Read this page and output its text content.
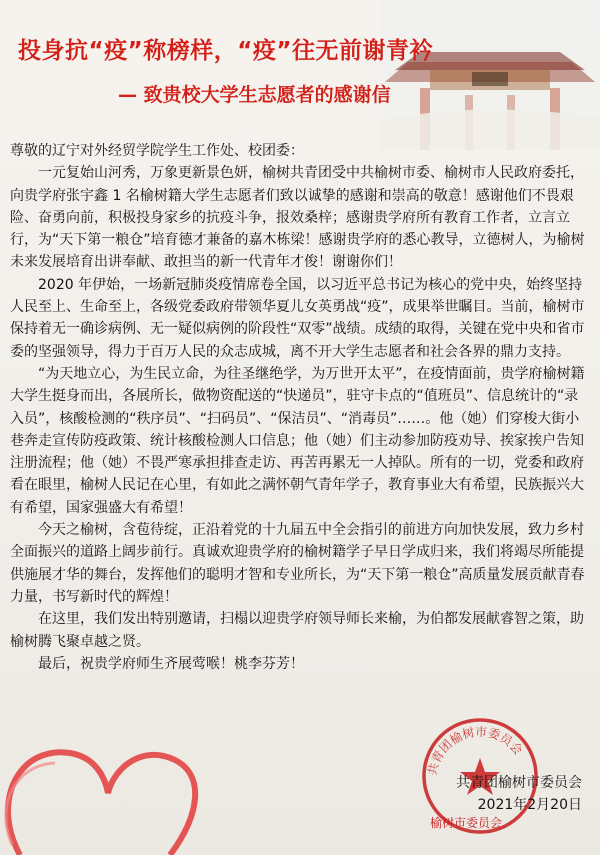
投身抗“疫”称榜样，“疫”往无前谢青衿
— 致贵校大学生志愿者的感谢信

尊敬的辽宁对外经贸学院学生工作处、校团委：

一元复始山河秀，万象更新景色妍，榆树共青团受中共榆树市委、榆树市人民政府委托，向贵学府张宇鑫 1 名榆树籍大学生志愿者们致以诚挚的感谢和崇高的敬意！感谢他们不畏艰险、奋勇向前，积极投身家乡的抗疫斗争，报效桑梓；感谢贵学府所有教育工作者，立言立行，为“天下第一粮仓”培育德才兼备的嘉木栋梁！感谢贵学府的悉心教导，立德树人，为榆树未来发展培育出讲奉献、敢担当的新一代青年才俊！谢谢你们！

2020 年伊始，一场新冠肺炎疫情席卷全国，以习近平总书记为核心的党中央，始终坚持人民至上、生命至上，各级党委政府带领华夏儿女英勇战“疫”，成果举世瞩目。当前，榆树市保持着无一确诊病例、无一疑似病例的阶段性“双零”战绩。成绩的取得，关键在党中央和省市委的坚强领导，得力于百万人民的众志成城，离不开大学生志愿者和社会各界的鼎力支持。

“为天地立心，为生民立命，为往圣继绝学，为万世开太平”，在疫情面前，贵学府榆树籍大学生挺身而出，各展所长，做物资配送的“快递员”，驻守卡点的“值班员”、信息统计的“录入员”，核酸检测的“秩序员”、“扫码员”、“保洁员”、“消毒员”……。他（她）们穿梭大街小巷奔走宣传防疫政策、统计核酸检测人口信息；他（她）们主动参加防疫劝导、挨家挨户告知注册流程；他（她）不畏严寒承担排查走访、再苦再累无一人掉队。所有的一切，党委和政府看在眼里，榆树人民记在心里，有如此之满怀朝气青年学子，教育事业大有希望，民族振兴大有希望，国家强盛大有希望！

今天之榆树，含苞待绽，正沿着党的十九届五中全会指引的前进方向加快发展，致力乡村全面振兴的道路上阔步前行。真诚欢迎贵学府的榆树籍学子早日学成归来，我们将竭尽所能提供施展才华的舞台，发挥他们的聪明才智和专业所长，为“天下第一粮仓”高质量发展贡献青春力量，书写新时代的辉煌！

在这里，我们发出特别邀请，扫榻以迎贵学府领导师长来榆，为伯都发展献睿智之策，助榆树腾飞聚卓越之贤。

最后，祝贵学府师生齐展莺喉！桃李芬芳！

共青团榆树市委员会
共青团榆树市委员会
2021年2月20日
榆树市委员会
